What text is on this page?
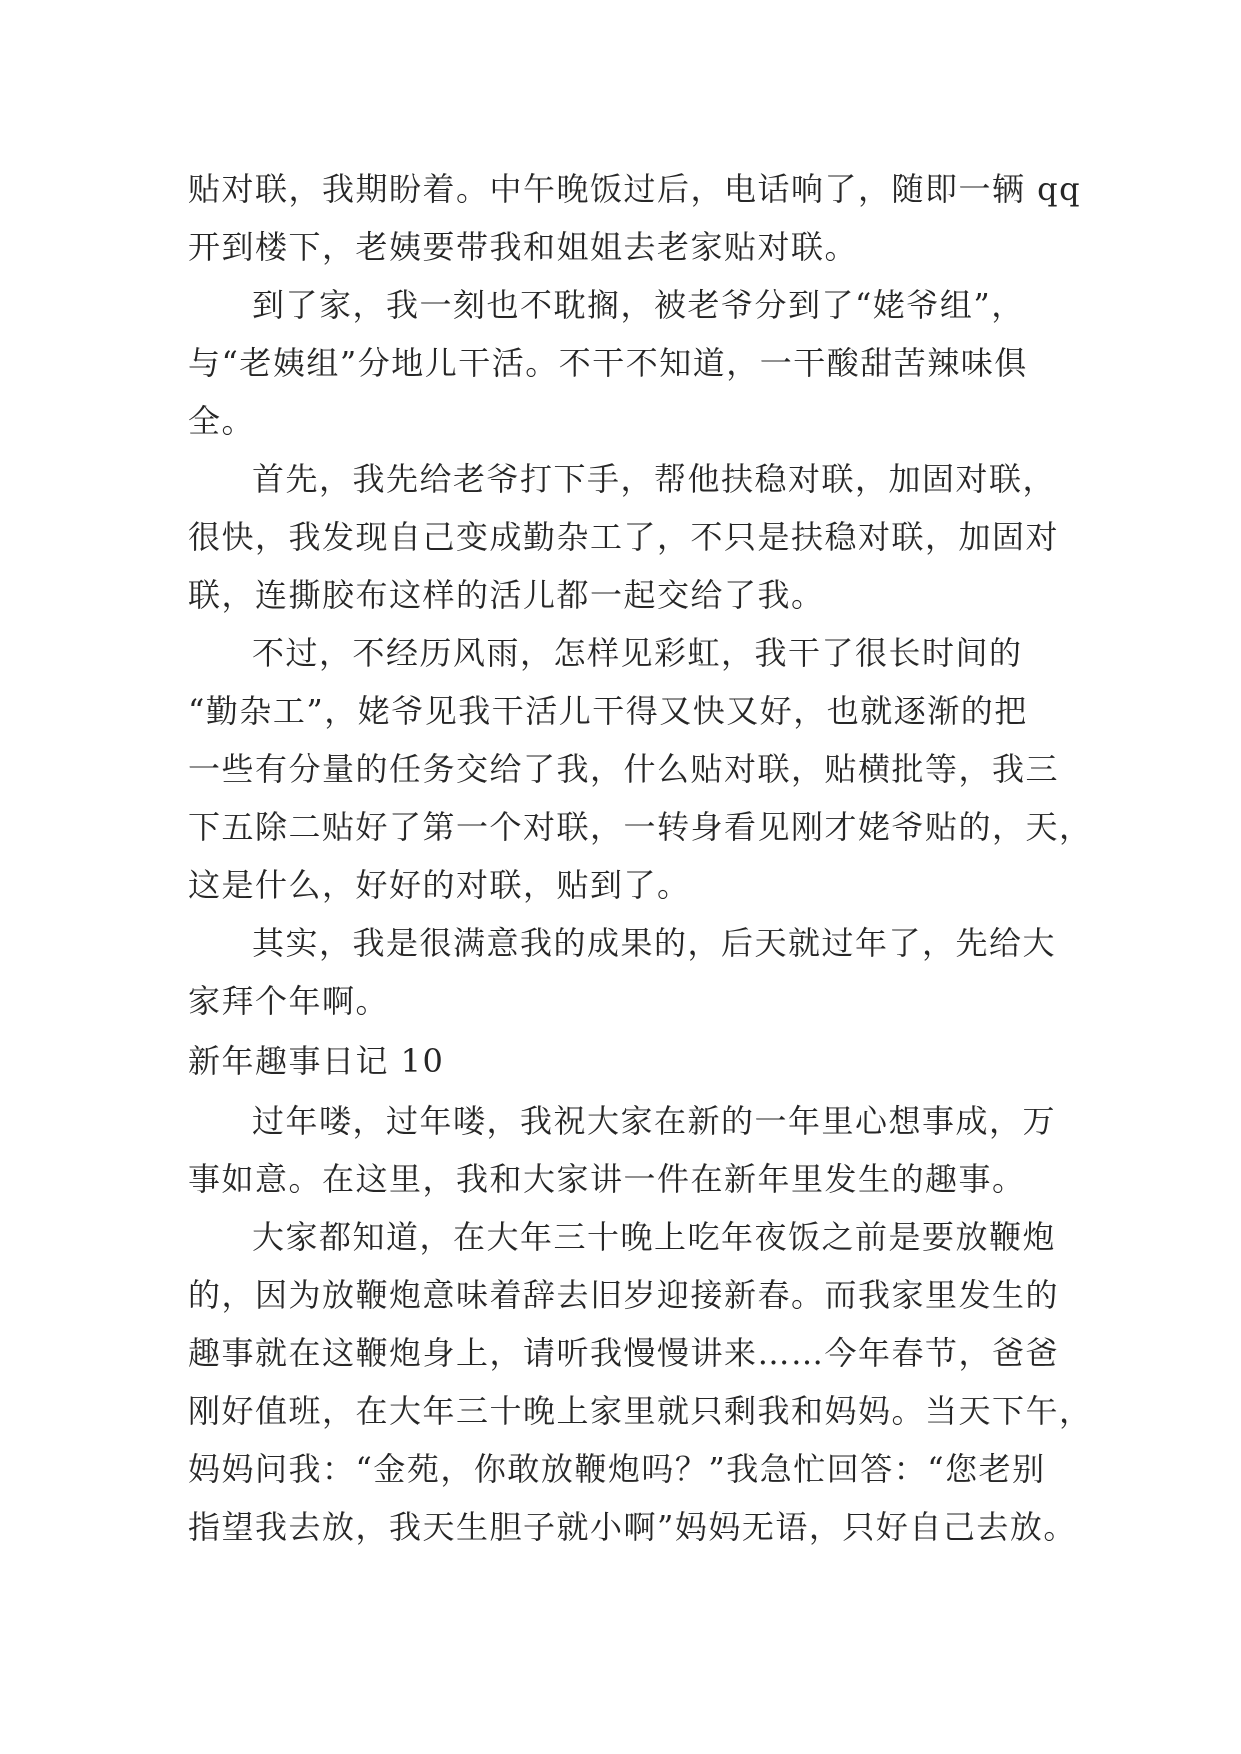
贴对联，我期盼着。中午晚饭过后，电话响了，随即一辆 qq
开到楼下，老姨要带我和姐姐去老家贴对联。
到了家，我一刻也不耽搁，被老爷分到了“姥爷组”，
与“老姨组”分地儿干活。不干不知道，一干酸甜苦辣味俱
全。
首先，我先给老爷打下手，帮他扶稳对联，加固对联，
很快，我发现自己变成勤杂工了，不只是扶稳对联，加固对
联，连撕胶布这样的活儿都一起交给了我。
不过，不经历风雨，怎样见彩虹，我干了很长时间的
“勤杂工”，姥爷见我干活儿干得又快又好，也就逐渐的把
一些有分量的任务交给了我，什么贴对联，贴横批等，我三
下五除二贴好了第一个对联，一转身看见刚才姥爷贴的，天，
这是什么，好好的对联，贴到了。
其实，我是很满意我的成果的，后天就过年了，先给大
家拜个年啊。
新年趣事日记 10
过年喽，过年喽，我祝大家在新的一年里心想事成，万
事如意。在这里，我和大家讲一件在新年里发生的趣事。
大家都知道，在大年三十晚上吃年夜饭之前是要放鞭炮
的，因为放鞭炮意味着辞去旧岁迎接新春。而我家里发生的
趣事就在这鞭炮身上，请听我慢慢讲来……今年春节，爸爸
刚好值班，在大年三十晚上家里就只剩我和妈妈。当天下午，
妈妈问我：“金苑，你敢放鞭炮吗？”我急忙回答：“您老别
指望我去放，我天生胆子就小啊”妈妈无语，只好自己去放。
